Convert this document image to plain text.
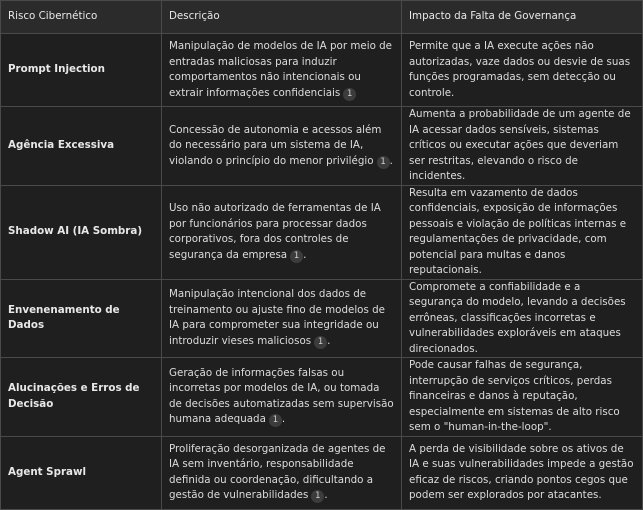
Risco Cibernético	Descrição	Impacto da Falta de Governança
Prompt Injection	Manipulação de modelos de IA por meio de entradas maliciosas para induzir comportamentos não intencionais ou extrair informações confidenciais 1	Permite que a IA execute ações não autorizadas, vaze dados ou desvie de suas funções programadas, sem detecção ou controle.
Agência Excessiva	Concessão de autonomia e acessos além do necessário para um sistema de IA, violando o princípio do menor privilégio 1 .	Aumenta a probabilidade de um agente de IA acessar dados sensíveis, sistemas críticos ou executar ações que deveriam ser restritas, elevando o risco de incidentes.
Shadow AI (IA Sombra)	Uso não autorizado de ferramentas de IA por funcionários para processar dados corporativos, fora dos controles de segurança da empresa 1 .	Resulta em vazamento de dados confidenciais, exposição de informações pessoais e violação de políticas internas e regulamentações de privacidade, com potencial para multas e danos reputacionais.
Envenenamento de Dados	Manipulação intencional dos dados de treinamento ou ajuste fino de modelos de IA para comprometer sua integridade ou introduzir vieses maliciosos 1 .	Compromete a confiabilidade e a segurança do modelo, levando a decisões errôneas, classificações incorretas e vulnerabilidades exploráveis em ataques direcionados.
Alucinações e Erros de Decisão	Geração de informações falsas ou incorretas por modelos de IA, ou tomada de decisões automatizadas sem supervisão humana adequada 1 .	Pode causar falhas de segurança, interrupção de serviços críticos, perdas financeiras e danos à reputação, especialmente em sistemas de alto risco sem o "human-in-the-loop".
Agent Sprawl	Proliferação desorganizada de agentes de IA sem inventário, responsabilidade definida ou coordenação, dificultando a gestão de vulnerabilidades 1 .	A perda de visibilidade sobre os ativos de IA e suas vulnerabilidades impede a gestão eficaz de riscos, criando pontos cegos que podem ser explorados por atacantes.
